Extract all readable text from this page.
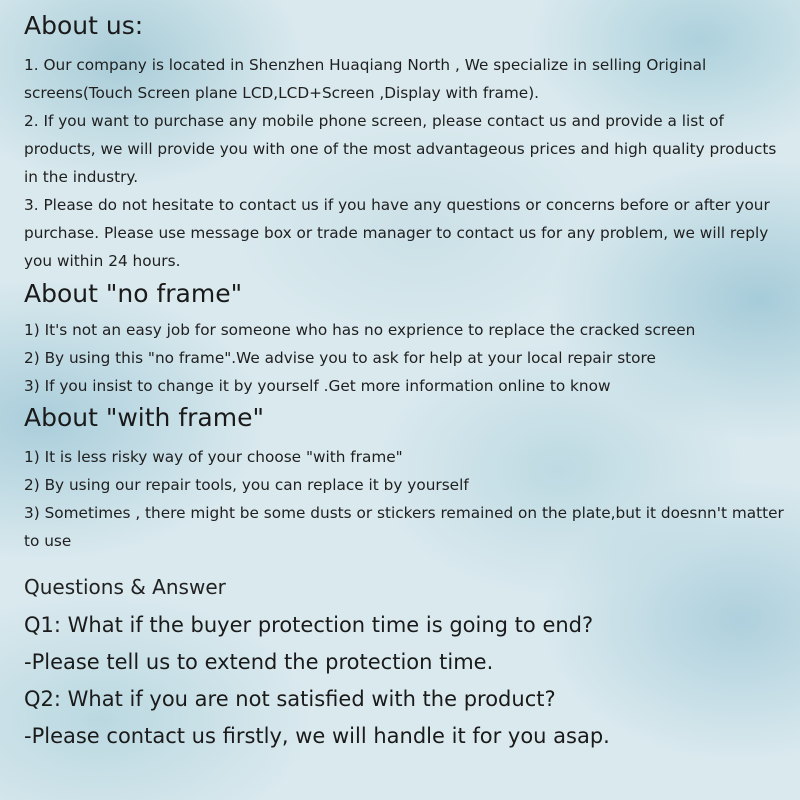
About us:
1. Our company is located in Shenzhen Huaqiang North , We specialize in selling Original
screens(Touch Screen plane LCD,LCD+Screen ,Display with frame).
2. If you want to purchase any mobile phone screen, please contact us and provide a list of
products, we will provide you with one of the most advantageous prices and high quality products
in the industry.
3. Please do not hesitate to contact us if you have any questions or concerns before or after your
purchase. Please use message box or trade manager to contact us for any problem, we will reply
you within 24 hours.
About "no frame"
1) It's not an easy job for someone who has no exprience to replace the cracked screen
2) By using this "no frame".We advise you to ask for help at your local repair store
3) If you insist to change it by yourself .Get more information online to know
About "with frame"
1) It is less risky way of your choose "with frame"
2) By using our repair tools, you can replace it by yourself
3) Sometimes , there might be some dusts or stickers remained on the plate,but it doesnn't matter
to use
Questions & Answer
Q1: What if the buyer protection time is going to end?
-Please tell us to extend the protection time.
Q2: What if you are not satisfied with the product?
-Please contact us firstly, we will handle it for you asap.
